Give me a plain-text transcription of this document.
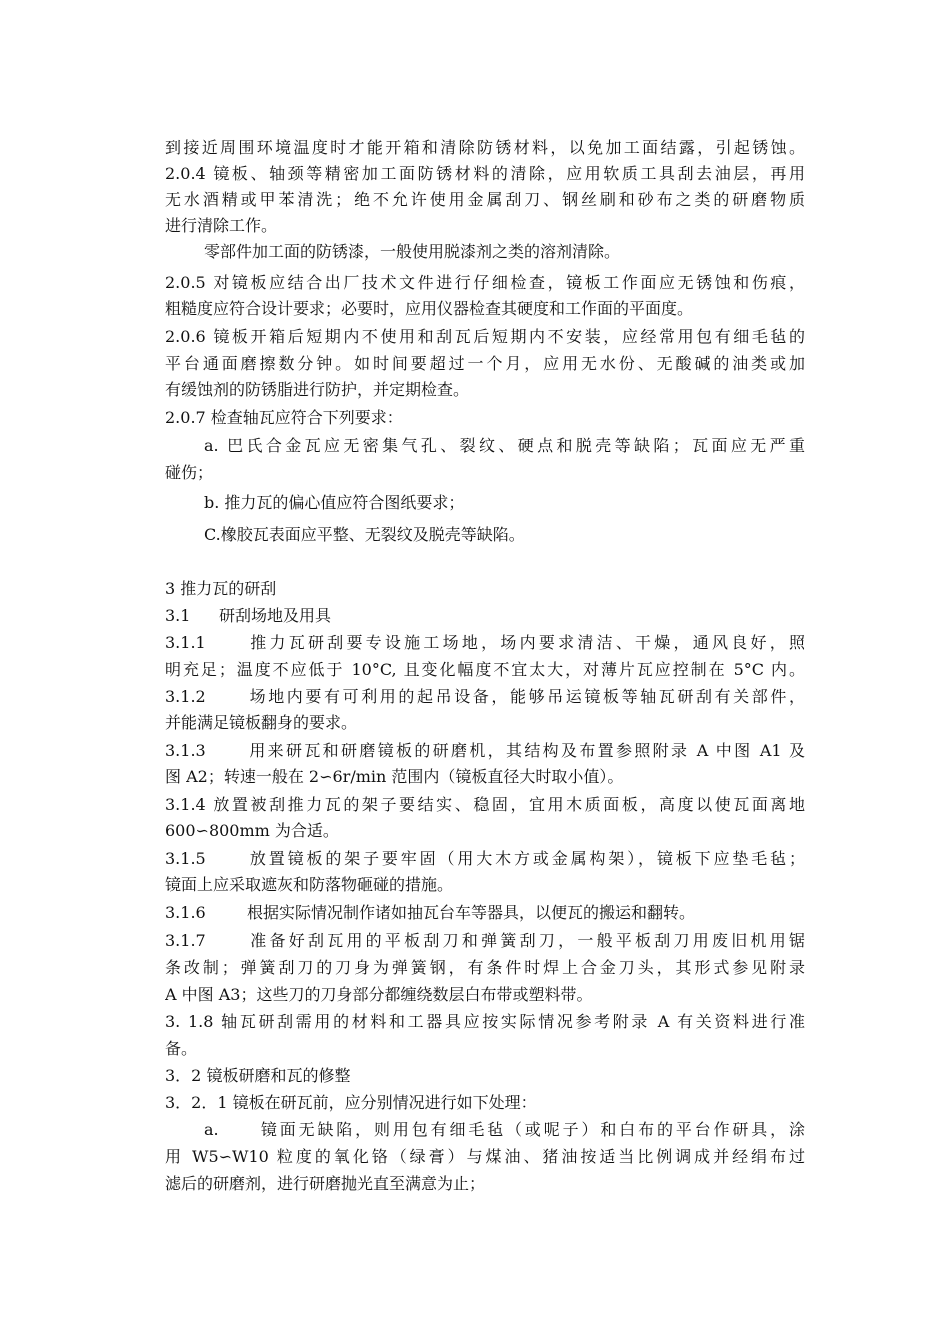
到接近周围环境温度时才能开箱和清除防锈材料，以免加工面结露，引起锈蚀。
2.0.4 镜板、轴颈等精密加工面防锈材料的清除，应用软质工具刮去油层，再用
无水酒精或甲苯清洗；绝不允许使用金属刮刀、钢丝刷和砂布之类的研磨物质
进行清除工作。
零部件加工面的防锈漆，一般使用脱漆剂之类的溶剂清除。
2.0.5 对镜板应结合出厂技术文件进行仔细检查，镜板工作面应无锈蚀和伤痕，
粗糙度应符合设计要求；必要时，应用仪器检查其硬度和工作面的平面度。
2.0.6 镜板开箱后短期内不使用和刮瓦后短期内不安装，应经常用包有细毛毡的
平台通面磨擦数分钟。如时间要超过一个月，应用无水份、无酸碱的油类或加
有缓蚀剂的防锈脂进行防护，并定期检查。
2.0.7 检查轴瓦应符合下列要求：
a. 巴氏合金瓦应无密集气孔、裂纹、硬点和脱壳等缺陷；瓦面应无严重
碰伤；
b. 推力瓦的偏心值应符合图纸要求；
C.橡胶瓦表面应平整、无裂纹及脱壳等缺陷。
3 推力瓦的研刮
3.1 研刮场地及用具
3.1.1	推力瓦研刮要专设施工场地，场内要求清洁、干燥，通风良好，照
明充足；温度不应低于 10°C, 且变化幅度不宜太大，对薄片瓦应控制在 5°C 内。
3.1.2	场地内要有可利用的起吊设备，能够吊运镜板等轴瓦研刮有关部件，
并能满足镜板翻身的要求。
3.1.3	用来研瓦和研磨镜板的研磨机，其结构及布置参照附录 A 中图 A1 及
图 A2；转速一般在 2∽6r/min 范围内（镜板直径大时取小值）。
3.1.4 放置被刮推力瓦的架子要结实、稳固，宜用木质面板，高度以使瓦面离地
600∽800mm 为合适。
3.1.5	放置镜板的架子要牢固（用大木方或金属构架），镜板下应垫毛毡；
镜面上应采取遮灰和防落物砸碰的措施。
3.1.6	根据实际情况制作诸如抽瓦台车等器具，以便瓦的搬运和翻转。
3.1.7	准备好刮瓦用的平板刮刀和弹簧刮刀，一般平板刮刀用废旧机用锯
条改制；弹簧刮刀的刀身为弹簧钢，有条件时焊上合金刀头，其形式参见附录
A 中图 A3；这些刀的刀身部分都缠绕数层白布带或塑料带。
3. 1.8 轴瓦研刮需用的材料和工器具应按实际情况参考附录 A 有关资料进行准
备。
3．2 镜板研磨和瓦的修整
3．2．1 镜板在研瓦前，应分别情况进行如下处理：
a. 镜面无缺陷，则用包有细毛毡（或呢子）和白布的平台作研具，涂
用 W5∽W10 粒度的氧化铬（绿膏）与煤油、猪油按适当比例调成并经绢布过
滤后的研磨剂，进行研磨抛光直至满意为止；
